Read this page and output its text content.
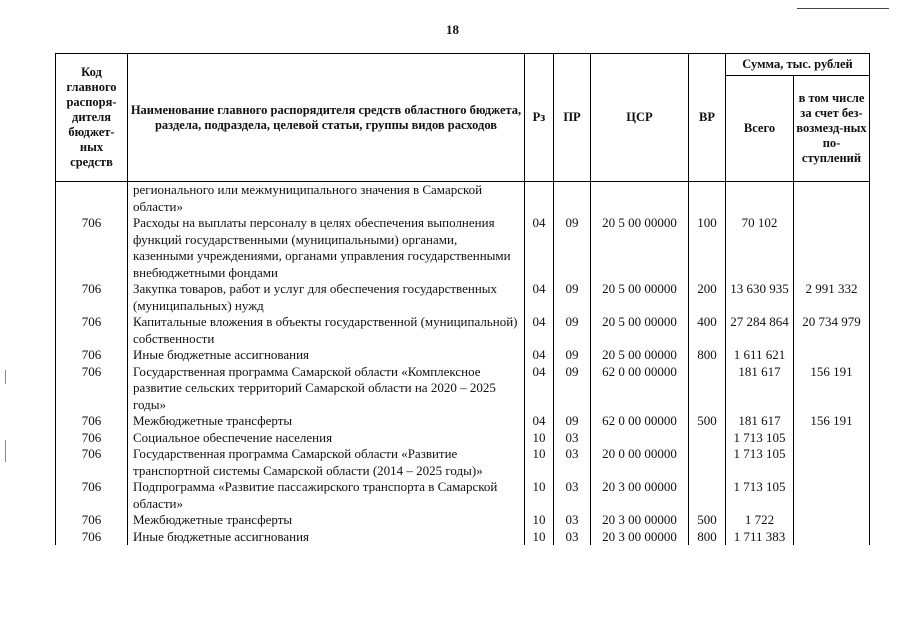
18
Код главного распоря-дителя бюджет-ных средств	Наименование главного распорядителя средств областного бюджета, раздела, подраздела, целевой статьи, группы видов расходов	Рз	ПР	ЦСР	ВР	Сумма, тыс. рублей	
						Всего	в том числе за счет без-возмезд-ных по-ступлений
	регионального или межмуниципального значения в Самарской области»						
706	Расходы на выплаты персоналу в целях обеспечения выполнения функций государственными (муниципальными) органами, казенными учреждениями, органами управления государственными внебюджетными фондами	04	09	20 5 00 00000	100	70 102	
706	Закупка товаров, работ и услуг для обеспечения государственных (муниципальных) нужд	04	09	20 5 00 00000	200	13 630 935	2 991 332
706	Капитальные вложения в объекты государственной (муниципальной) собственности	04	09	20 5 00 00000	400	27 284 864	20 734 979
706	Иные бюджетные ассигнования	04	09	20 5 00 00000	800	1 611 621	
706	Государственная программа Самарской области «Комплексное развитие сельских территорий Самарской области на 2020 – 2025 годы»	04	09	62 0 00 00000		181 617	156 191
706	Межбюджетные трансферты	04	09	62 0 00 00000	500	181 617	156 191
706	Социальное обеспечение населения	10	03			1 713 105	
706	Государственная программа Самарской области «Развитие транспортной системы Самарской области (2014 – 2025 годы)»	10	03	20 0 00 00000		1 713 105	
706	Подпрограмма «Развитие пассажирского транспорта в Самарской области»	10	03	20 3 00 00000		1 713 105	
706	Межбюджетные трансферты	10	03	20 3 00 00000	500	1 722	
706	Иные бюджетные ассигнования	10	03	20 3 00 00000	800	1 711 383	
